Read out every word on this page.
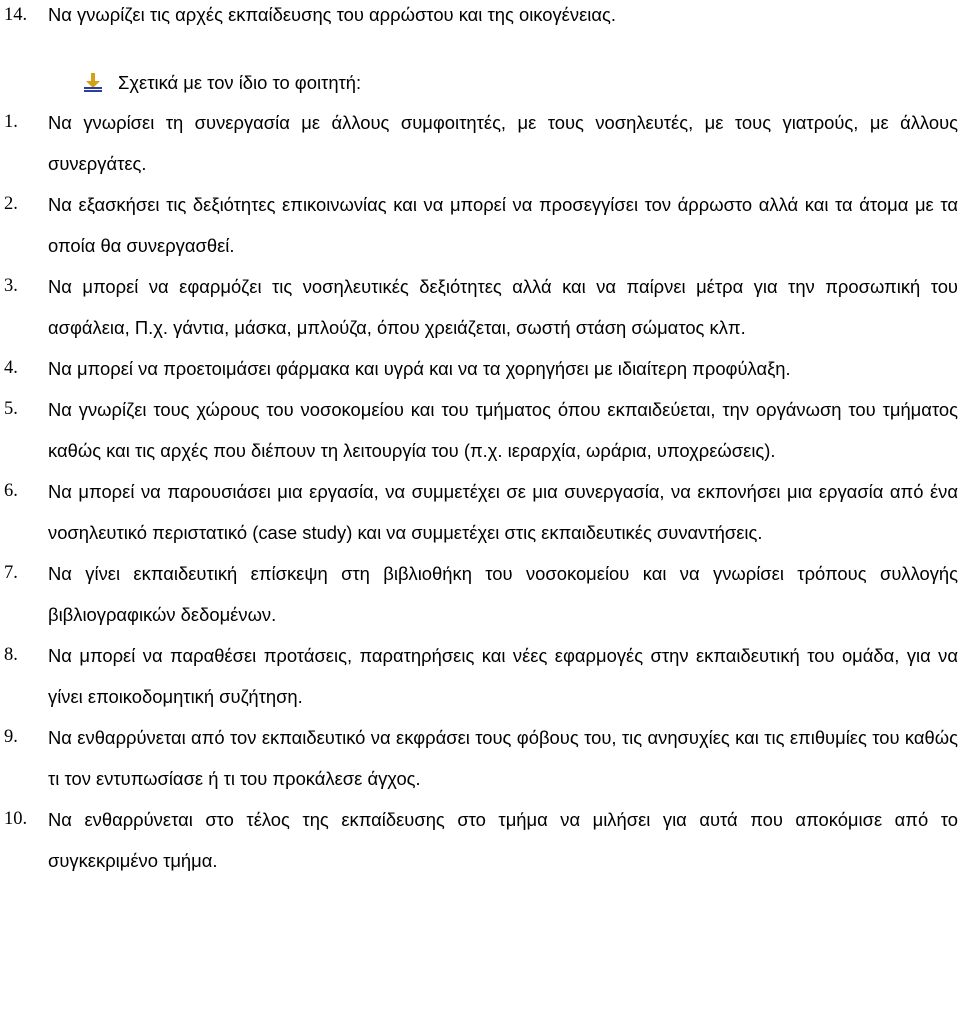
14.	Να γνωρίζει τις αρχές εκπαίδευσης του αρρώστου και της οικογένειας.
Σχετικά με τον ίδιο το φοιτητή:
1.	Να γνωρίσει τη συνεργασία με άλλους συμφοιτητές, με τους νοσηλευτές, με τους γιατρούς, με άλλους συνεργάτες.
2.	Να εξασκήσει τις δεξιότητες επικοινωνίας και να μπορεί να προσεγγίσει τον άρρωστο αλλά και τα άτομα με τα οποία θα συνεργασθεί.
3.	Να μπορεί να εφαρμόζει τις νοσηλευτικές δεξιότητες αλλά και να παίρνει μέτρα για την προσωπική του ασφάλεια, Π.χ. γάντια, μάσκα, μπλούζα, όπου χρειάζεται, σωστή στάση σώματος κλπ.
4.	Να μπορεί να προετοιμάσει φάρμακα και υγρά και να τα χορηγήσει με ιδιαίτερη προφύλαξη.
5.	Να γνωρίζει τους χώρους του νοσοκομείου και του τμήματος όπου εκπαιδεύεται, την οργάνωση του τμήματος καθώς και τις αρχές που διέπουν τη λειτουργία του (π.χ. ιεραρχία, ωράρια, υποχρεώσεις).
6.	Να μπορεί να παρουσιάσει μια εργασία, να συμμετέχει σε μια συνεργασία, να εκπονήσει μια εργασία από ένα νοσηλευτικό περιστατικό (case study) και να συμμετέχει στις εκπαιδευτικές συναντήσεις.
7.	Να γίνει εκπαιδευτική επίσκεψη στη βιβλιοθήκη του νοσοκομείου και να γνωρίσει τρόπους συλλογής βιβλιογραφικών δεδομένων.
8.	Να μπορεί να παραθέσει προτάσεις, παρατηρήσεις και νέες εφαρμογές στην εκπαιδευτική του ομάδα, για να γίνει εποικοδομητική συζήτηση.
9.	Να ενθαρρύνεται από τον εκπαιδευτικό να εκφράσει τους φόβους του, τις ανησυχίες και τις επιθυμίες του καθώς τι τον εντυπωσίασε ή τι του προκάλεσε άγχος.
10.	Να ενθαρρύνεται στο τέλος της εκπαίδευσης στο τμήμα να μιλήσει για αυτά που αποκόμισε από το συγκεκριμένο τμήμα.
